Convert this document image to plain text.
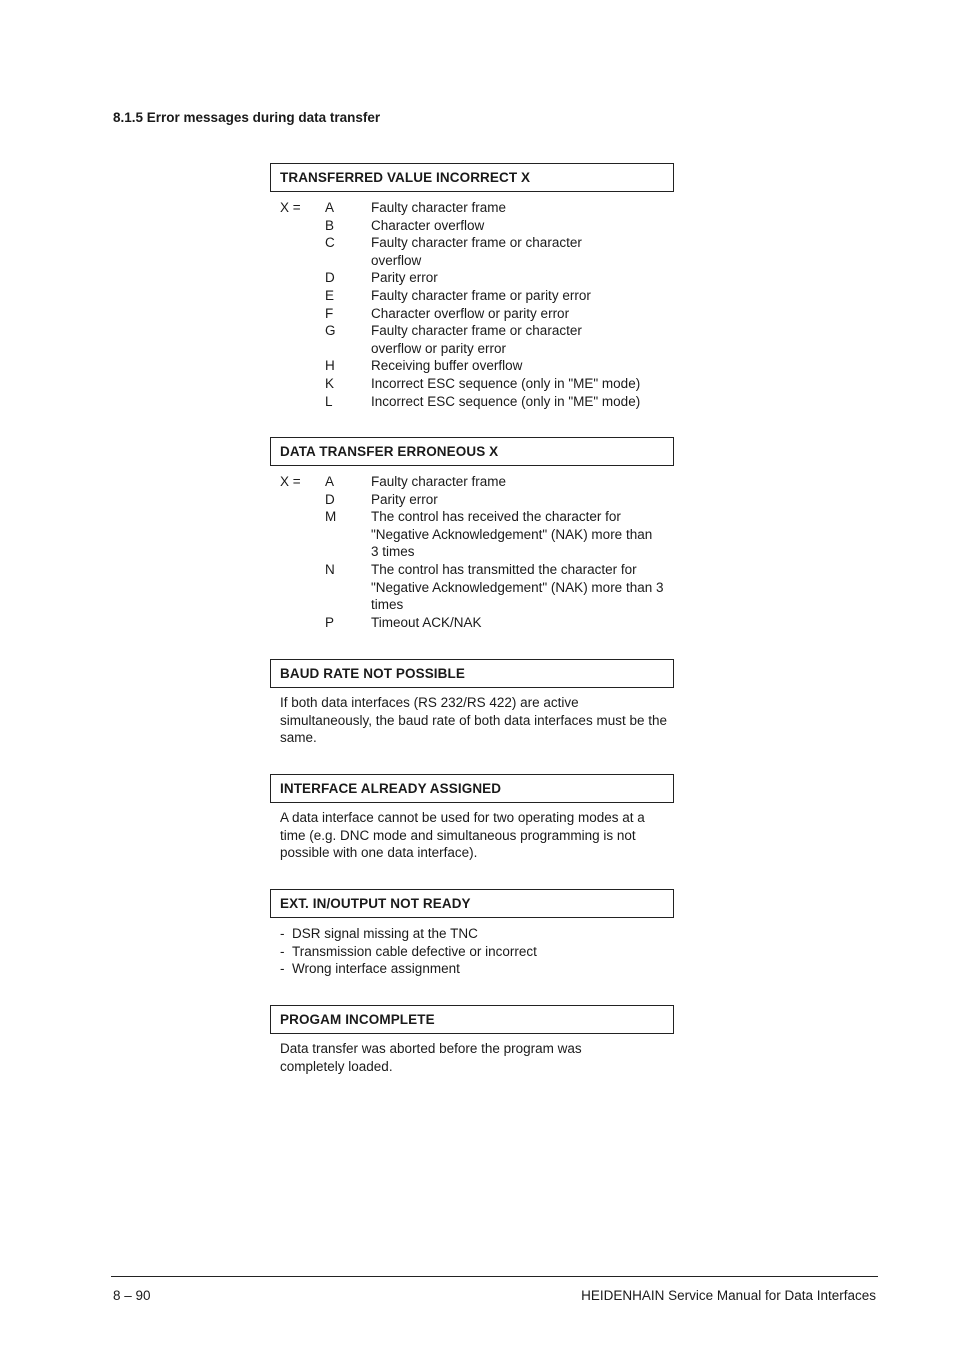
8.1.5 Error messages during data transfer
TRANSFERRED VALUE INCORRECT X
X =	A	Faulty character frame
B	Character overflow
C	Faulty character frame or character overflow
D	Parity error
E	Faulty character frame or parity error
F	Character overflow or parity error
G	Faulty character frame or character overflow or parity error
H	Receiving buffer overflow
K	Incorrect ESC sequence (only in "ME" mode)
L	Incorrect ESC sequence (only in "ME" mode)
DATA TRANSFER ERRONEOUS X
X =	A	Faulty character frame
D	Parity error
M	The control has received the character for "Negative Acknowledgement" (NAK) more than 3 times
N	The control has transmitted the character for "Negative Acknowledgement" (NAK) more than 3 times
P	Timeout ACK/NAK
BAUD RATE NOT POSSIBLE

If both data interfaces (RS 232/RS 422) are active simultaneously, the baud rate of both data interfaces must be the same.

INTERFACE ALREADY ASSIGNED

A data interface cannot be used for two operating modes at a time (e.g. DNC mode and simultaneous programming is not possible with one data interface).

EXT. IN/OUTPUT NOT READY
- DSR signal missing at the TNC
- Transmission cable defective or incorrect
- Wrong interface assignment
PROGAM INCOMPLETE

Data transfer was aborted before the program was completely loaded.

8 – 90	HEIDENHAIN Service Manual for Data Interfaces
